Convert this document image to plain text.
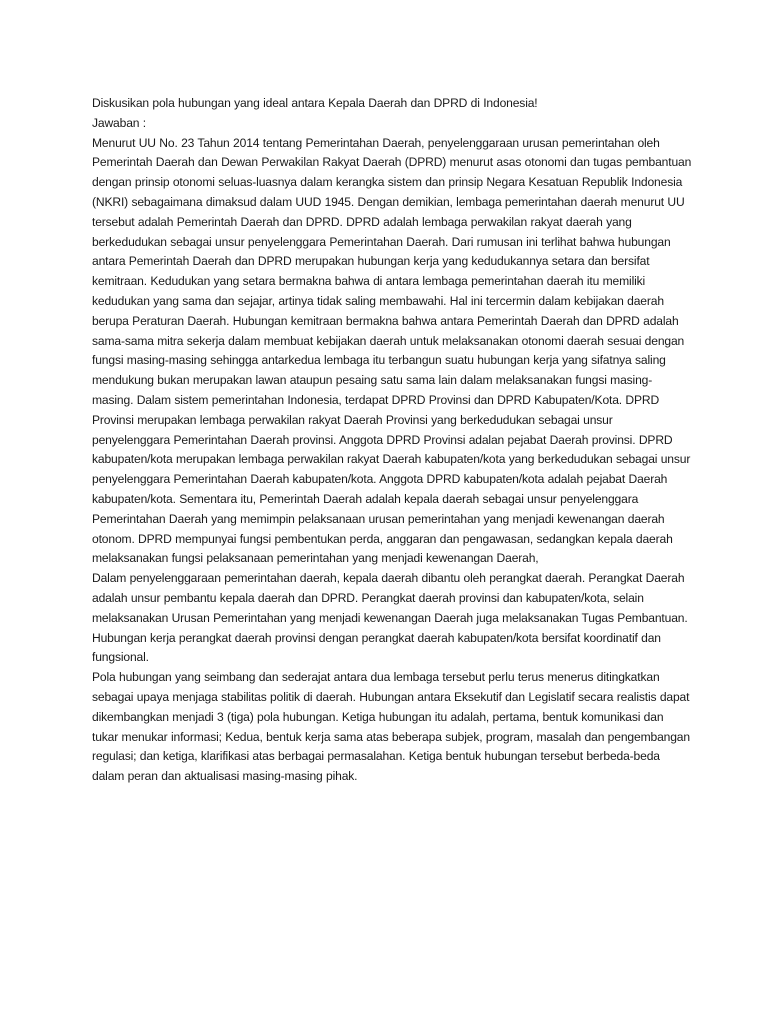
Diskusikan pola hubungan yang ideal antara Kepala Daerah dan DPRD di Indonesia!

Jawaban :

Menurut UU No. 23 Tahun 2014 tentang Pemerintahan Daerah, penyelenggaraan urusan pemerintahan oleh Pemerintah Daerah dan Dewan Perwakilan Rakyat Daerah (DPRD) menurut asas otonomi dan tugas pembantuan dengan prinsip otonomi seluas-luasnya dalam kerangka sistem dan prinsip Negara Kesatuan Republik Indonesia (NKRI) sebagaimana dimaksud dalam UUD 1945. Dengan demikian, lembaga pemerintahan daerah menurut UU tersebut adalah Pemerintah Daerah dan DPRD. DPRD adalah lembaga perwakilan rakyat daerah yang berkedudukan sebagai unsur penyelenggara Pemerintahan Daerah. Dari rumusan ini terlihat bahwa hubungan antara Pemerintah Daerah dan DPRD merupakan hubungan kerja yang kedudukannya setara dan bersifat kemitraan. Kedudukan yang setara bermakna bahwa di antara lembaga pemerintahan daerah itu memiliki kedudukan yang sama dan sejajar, artinya tidak saling membawahi. Hal ini tercermin dalam kebijakan daerah berupa Peraturan Daerah. Hubungan kemitraan bermakna bahwa antara Pemerintah Daerah dan DPRD adalah sama-sama mitra sekerja dalam membuat kebijakan daerah untuk melaksanakan otonomi daerah sesuai dengan fungsi masing-masing sehingga antarkedua lembaga itu terbangun suatu hubungan kerja yang sifatnya saling mendukung bukan merupakan lawan ataupun pesaing satu sama lain dalam melaksanakan fungsi masing-masing. Dalam sistem pemerintahan Indonesia, terdapat DPRD Provinsi dan DPRD Kabupaten/Kota. DPRD Provinsi merupakan lembaga perwakilan rakyat Daerah Provinsi yang berkedudukan sebagai unsur penyelenggara Pemerintahan Daerah provinsi. Anggota DPRD Provinsi adalan pejabat Daerah provinsi. DPRD kabupaten/kota merupakan lembaga perwakilan rakyat Daerah kabupaten/kota yang berkedudukan sebagai unsur penyelenggara Pemerintahan Daerah kabupaten/kota. Anggota DPRD kabupaten/kota adalah pejabat Daerah kabupaten/kota. Sementara itu, Pemerintah Daerah adalah kepala daerah sebagai unsur penyelenggara Pemerintahan Daerah yang memimpin pelaksanaan urusan pemerintahan yang menjadi kewenangan daerah otonom. DPRD mempunyai fungsi pembentukan perda, anggaran dan pengawasan, sedangkan kepala daerah melaksanakan fungsi pelaksanaan pemerintahan yang menjadi kewenangan Daerah,

Dalam penyelenggaraan pemerintahan daerah, kepala daerah dibantu oleh perangkat daerah. Perangkat Daerah adalah unsur pembantu kepala daerah dan DPRD. Perangkat daerah provinsi dan kabupaten/kota, selain melaksanakan Urusan Pemerintahan yang menjadi kewenangan Daerah juga melaksanakan Tugas Pembantuan. Hubungan kerja perangkat daerah provinsi dengan perangkat daerah kabupaten/kota bersifat koordinatif dan fungsional.

Pola hubungan yang seimbang dan sederajat antara dua lembaga tersebut perlu terus menerus ditingkatkan sebagai upaya menjaga stabilitas politik di daerah. Hubungan antara Eksekutif dan Legislatif secara realistis dapat dikembangkan menjadi 3 (tiga) pola hubungan. Ketiga hubungan itu adalah, pertama, bentuk komunikasi dan tukar menukar informasi; Kedua, bentuk kerja sama atas beberapa subjek, program, masalah dan pengembangan regulasi; dan ketiga, klarifikasi atas berbagai permasalahan. Ketiga bentuk hubungan tersebut berbeda-beda dalam peran dan aktualisasi masing-masing pihak.
